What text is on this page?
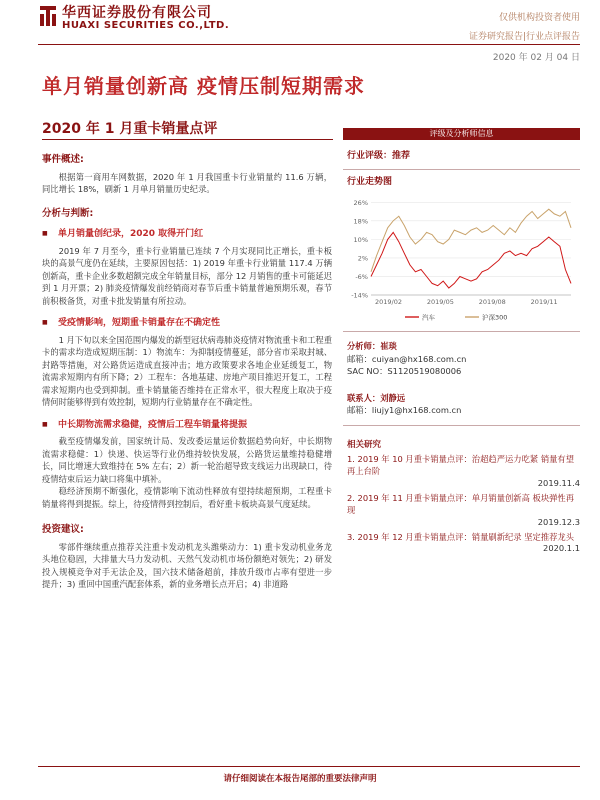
华西证券股份有限公司
HUAXI SECURITIES CO.,LTD.
仅供机构投资者使用
证券研究报告|行业点评报告
2020 年 02 月 04 日
单月销量创新高 疫情压制短期需求
2020 年 1 月重卡销量点评
事件概述:

根据第一商用车网数据，2020 年 1 月我国重卡行业销量约 11.6 万辆，同比增长 18%，刷新 1 月单月销量历史纪录。

分析与判断:
■ 单月销量创纪录，2020 取得开门红

2019 年 7 月至今，重卡行业销量已连续 7 个月实现同比正增长，重卡板块的高景气度仍在延续，主要原因包括：1) 2019 年重卡行业销量 117.4 万辆创新高，重卡企业多数超额完成全年销量目标，部分 12 月销售的重卡可能延迟到 1 月开票；2) 肺炎疫情爆发前经销商对春节后重卡销量普遍预期乐观，春节前积极备货，对重卡批发销量有所拉动。

■ 受疫情影响，短期重卡销量存在不确定性

1 月下旬以来全国范围内爆发的新型冠状病毒肺炎疫情对物流重卡和工程重卡的需求均造成短期压制：1）物流车：为抑制疫情蔓延，部分省市采取封城、封路等措施，对公路货运造成直接冲击；地方政策要求各地企业延缓复工，物流需求短期内有所下降；2）工程车：各地基建、房地产项目推迟开复工，工程需求短期内也受到抑制。重卡销量能否维持在正常水平，很大程度上取决于疫情何时能够得到有效控制，短期内行业销量存在不确定性。

■ 中长期物流需求稳健，疫情后工程车销量将提振

截至疫情爆发前，国家统计局、发改委运量运价数据趋势向好，中长期物流需求稳健：1）快递、快运等行业仍维持较快发展，公路货运量维持稳健增长，同比增速大致维持在 5% 左右；2）新一轮治超导致支线运力出现缺口，待疫情结束后运力缺口将集中填补。

稳经济预期不断强化，疫情影响下流动性释放有望持续超预期，工程重卡销量将得到提振。综上，待疫情得到控制后，看好重卡板块高景气度延续。

投资建议:

零部件继续重点推荐关注重卡发动机龙头潍柴动力：1) 重卡发动机业务龙头地位稳固，大排量大马力发动机、天然气发动机市场份额绝对领先；2) 研发投入规模竞争对手无法企及，国六技术储备超前，排放升级市占率有望进一步提升；3) 重回中国重汽配套体系，新的业务增长点开启；4) 非道路

评级及分析师信息
行业评级：推荐
行业走势图
-14%
-6%
2%
10%
18%
26%
2019/02	2019/05	2019/08	2019/11
汽车	沪深300
分析师：崔琰
邮箱：cuiyan@hx168.com.cn
SAC NO：S1120519080006
联系人：刘静远
邮箱：liujy1@hx168.com.cn
相关研究
1. 2019 年 10 月重卡销量点评：治超趋严运力吃紧 销量有望再上台阶
2019.11.4
2. 2019 年 11 月重卡销量点评：单月销量创新高 板块弹性再现
2019.12.3
3. 2019 年 12 月重卡销量点评：销量刷新纪录 坚定推荐龙头
2020.1.1
请仔细阅读在本报告尾部的重要法律声明
